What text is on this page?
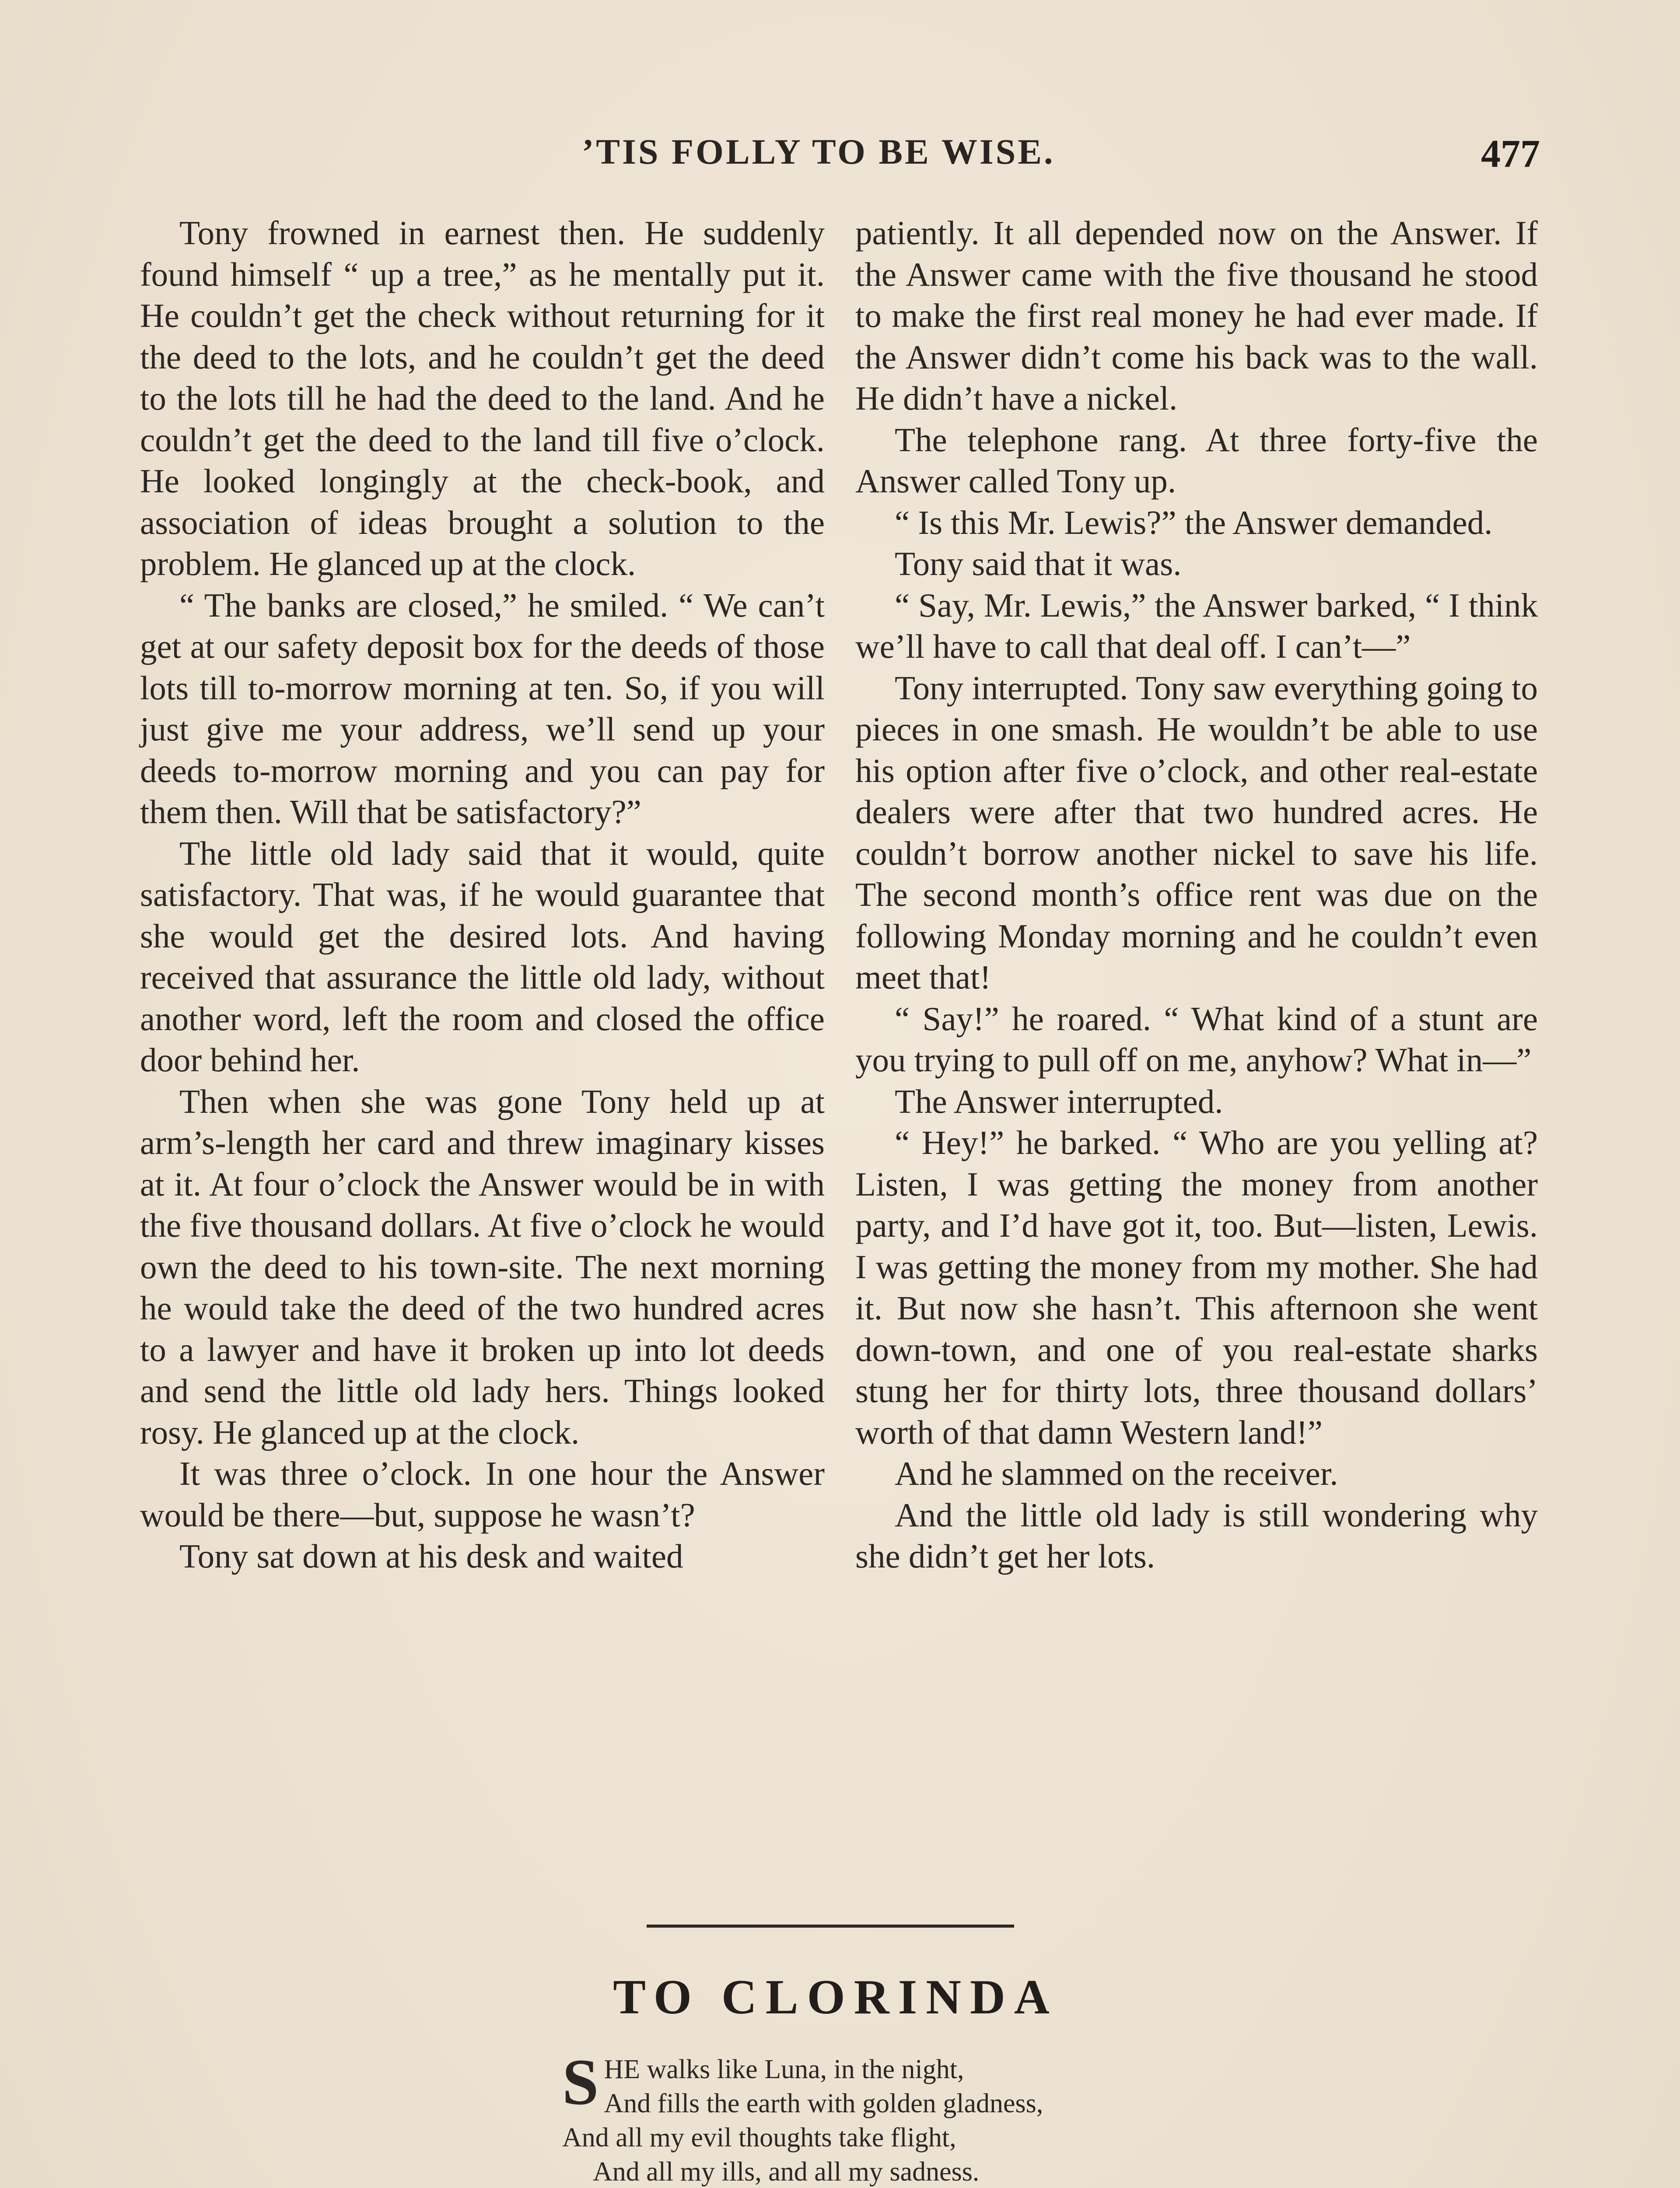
’TIS FOLLY TO BE WISE.	477

Tony frowned in earnest then. He suddenly found himself “ up a tree,” as he mentally put it. He couldn’t get the check without returning for it the deed to the lots, and he couldn’t get the deed to the lots till he had the deed to the land. And he couldn’t get the deed to the land till five o’clock. He looked longingly at the check-book, and association of ideas brought a solution to the problem. He glanced up at the clock.

“ The banks are closed,” he smiled. “ We can’t get at our safety deposit box for the deeds of those lots till to-morrow morning at ten. So, if you will just give me your address, we’ll send up your deeds to-morrow morning and you can pay for them then. Will that be satisfactory?”

The little old lady said that it would, quite satisfactory. That was, if he would guarantee that she would get the desired lots. And having received that assurance the little old lady, without another word, left the room and closed the office door behind her.

Then when she was gone Tony held up at arm’s-length her card and threw imaginary kisses at it. At four o’clock the Answer would be in with the five thousand dollars. At five o’clock he would own the deed to his town-site. The next morning he would take the deed of the two hundred acres to a lawyer and have it broken up into lot deeds and send the little old lady hers. Things looked rosy. He glanced up at the clock.

It was three o’clock. In one hour the Answer would be there—but, suppose he wasn’t?

Tony sat down at his desk and waited

patiently. It all depended now on the Answer. If the Answer came with the five thousand he stood to make the first real money he had ever made. If the Answer didn’t come his back was to the wall. He didn’t have a nickel.

The telephone rang. At three forty-five the Answer called Tony up.

“ Is this Mr. Lewis?” the Answer demanded.

Tony said that it was.

“ Say, Mr. Lewis,” the Answer barked, “ I think we’ll have to call that deal off. I can’t—”

Tony interrupted. Tony saw everything going to pieces in one smash. He wouldn’t be able to use his option after five o’clock, and other real-estate dealers were after that two hundred acres. He couldn’t borrow another nickel to save his life. The second month’s office rent was due on the following Monday morning and he couldn’t even meet that!

“ Say!” he roared. “ What kind of a stunt are you trying to pull off on me, anyhow? What in—”

The Answer interrupted.

“ Hey!” he barked. “ Who are you yelling at? Listen, I was getting the money from another party, and I’d have got it, too. But—listen, Lewis. I was getting the money from my mother. She had it. But now she hasn’t. This afternoon she went down-town, and one of you real-estate sharks stung her for thirty lots, three thousand dollars’ worth of that damn Western land!”

And he slammed on the receiver.

And the little old lady is still wondering why she didn’t get her lots.

TO CLORINDA
S HE walks like Luna, in the night,
And fills the earth with golden gladness,
And all my evil thoughts take flight,
And all my ills, and all my sadness.
